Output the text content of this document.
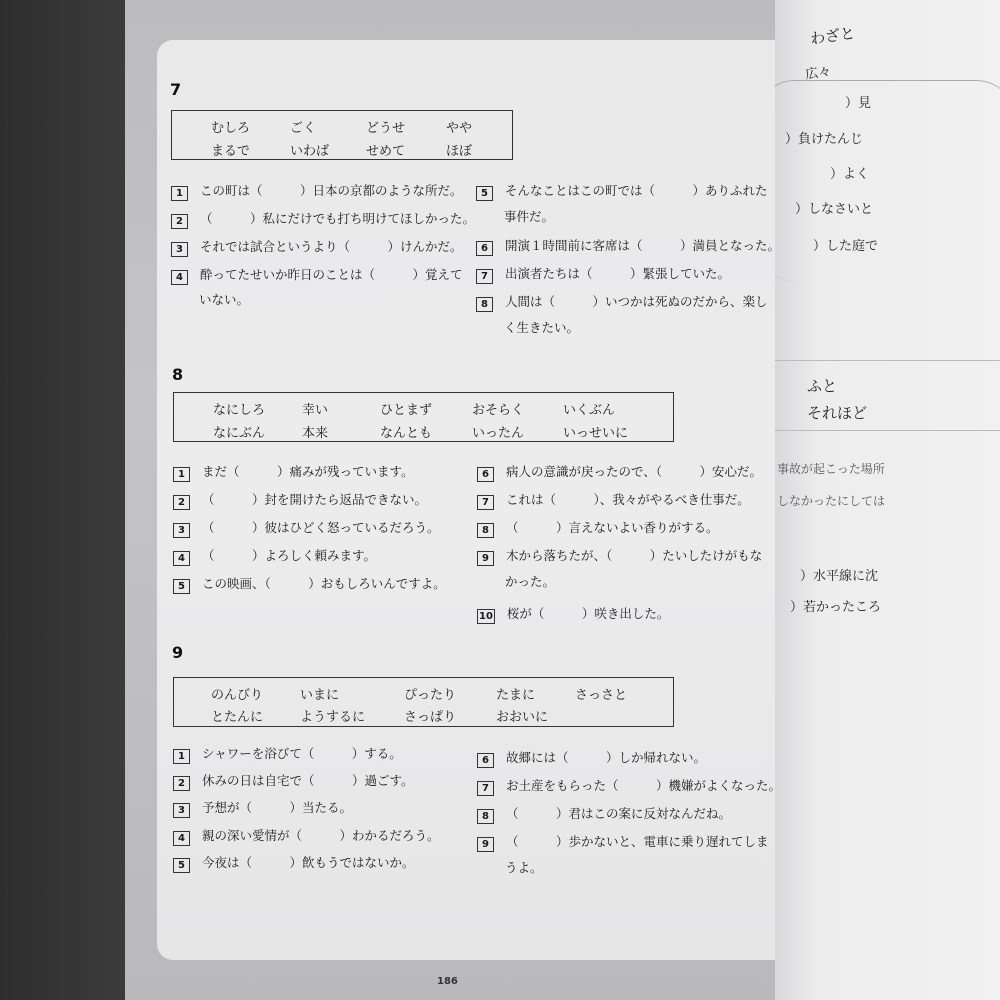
わざと
広々
）見
）負けたんじ
）よく
）しなさいと
）した庭で
ふと
それほど
事故が起こった場所
しなかったにしては
）水平線に沈
）若かったころ
7
むしろ	ごく	どうせ	やや
まるで	いわば	せめて	ほぼ
1 この町は（　　　）日本の京都のような所だ。
2 （　　　）私にだけでも打ち明けてほしかった。
3 それでは試合というより（　　　）けんかだ。
4 酔ってたせいか昨日のことは（　　　）覚えて
いない。
5 そんなことはこの町では（　　　）ありふれた
事件だ。
6 開演１時間前に客席は（　　　）満員となった。
7 出演者たちは（　　　）緊張していた。
8 人間は（　　　）いつかは死ぬのだから、楽し
く生きたい。
8
なにしろ	幸い	ひとまず	おそらく	いくぶん
なにぶん	本来	なんとも	いったん	いっせいに
1 まだ（　　　）痛みが残っています。
2 （　　　）封を開けたら返品できない。
3 （　　　）彼はひどく怒っているだろう。
4 （　　　）よろしく頼みます。
5 この映画、（　　　）おもしろいんですよ。
6 病人の意識が戻ったので、（　　　）安心だ。
7 これは（　　　）、我々がやるべき仕事だ。
8 （　　　）言えないよい香りがする。
9 木から落ちたが、（　　　）たいしたけがもな
かった。
10 桜が（　　　）咲き出した。
9
のんびり	いまに	ぴったり	たまに	さっさと
とたんに	ようするに	さっぱり	おおいに
1 シャワーを浴びて（　　　）する。
2 休みの日は自宅で（　　　）過ごす。
3 予想が（　　　）当たる。
4 親の深い愛情が（　　　）わかるだろう。
5 今夜は（　　　）飲もうではないか。
6 故郷には（　　　）しか帰れない。
7 お土産をもらった（　　　）機嫌がよくなった。
8 （　　　）君はこの案に反対なんだね。
9 （　　　）歩かないと、電車に乗り遅れてしま
うよ。
186
